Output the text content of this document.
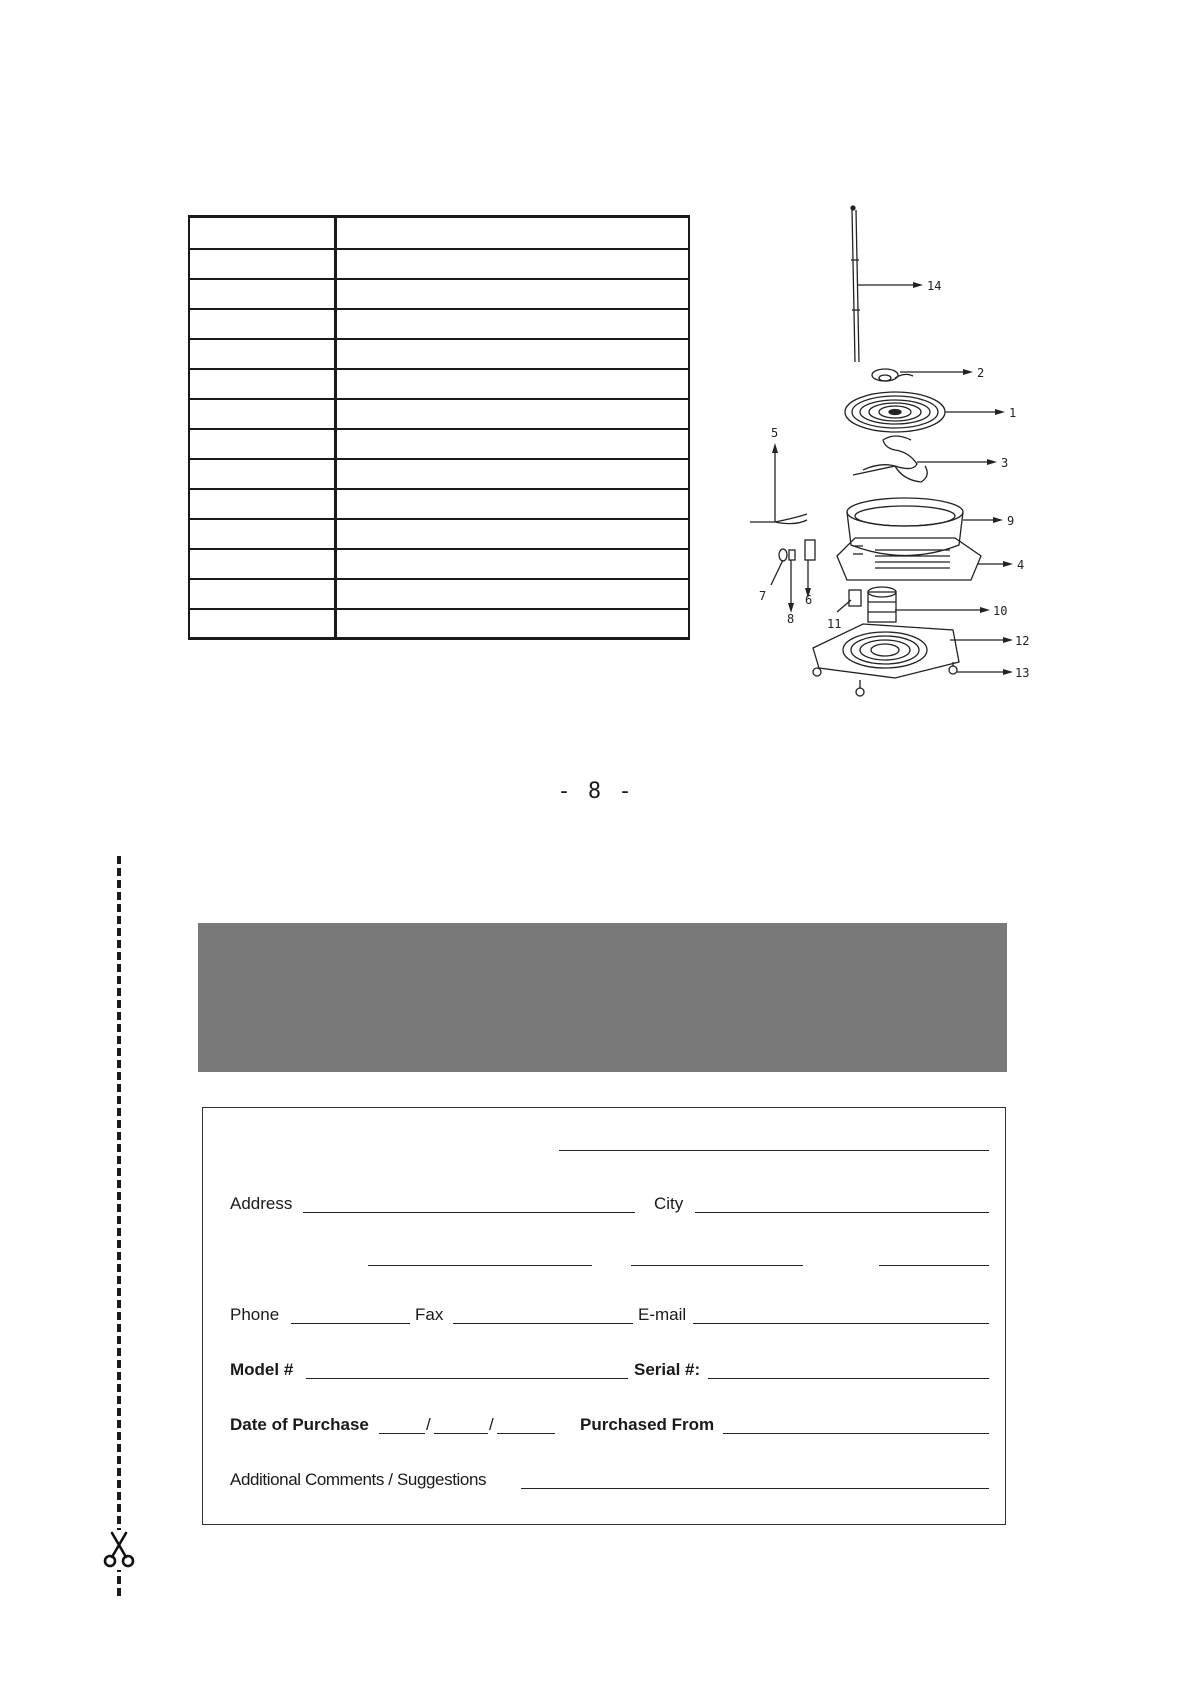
14
2
1
5
3
9
4
7	6
8	11
10
12
13
- 8 -
Address	City
Phone	Fax	E-mail
Model #	Serial #:
Date of Purchase	/	/	Purchased From
Additional Comments / Suggestions
